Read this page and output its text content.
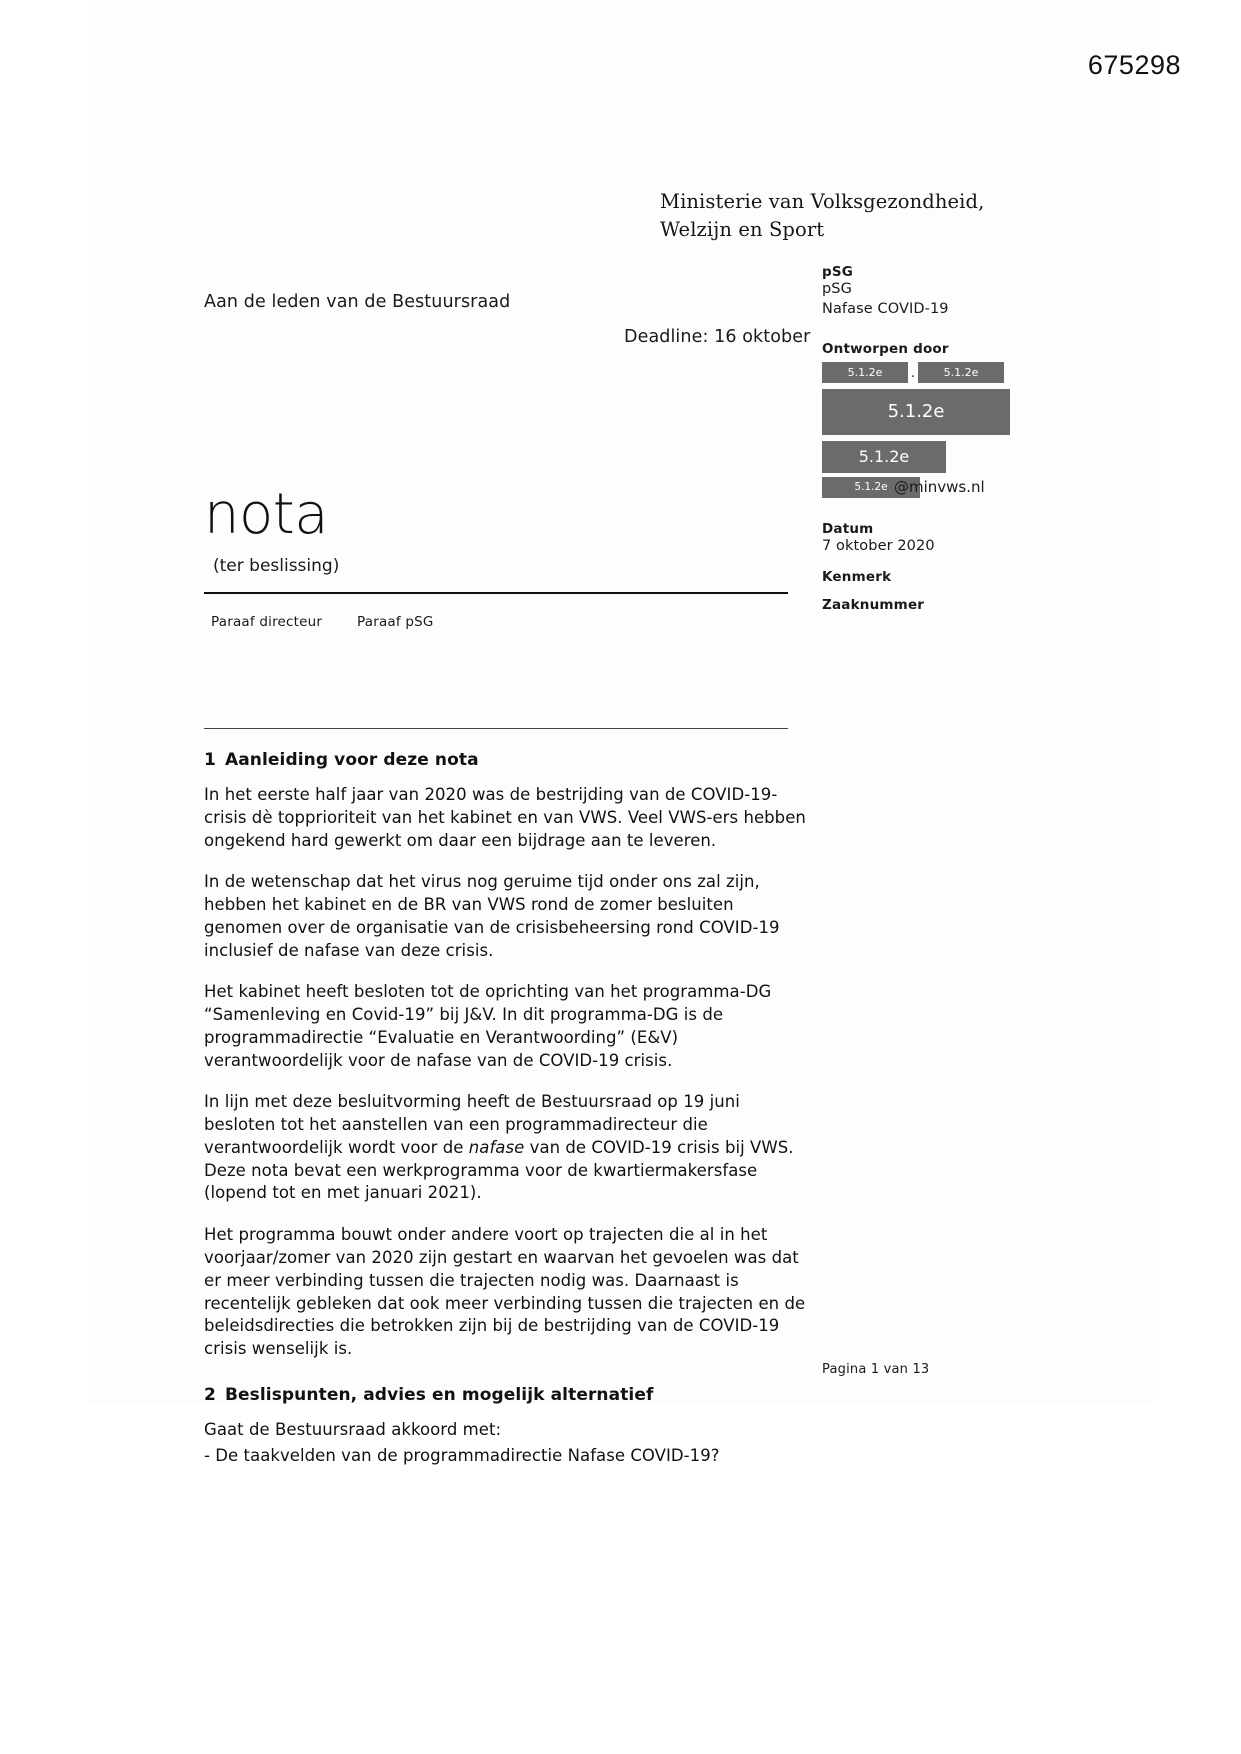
675298
Ministerie van Volksgezondheid,
Welzijn en Sport
Aan de leden van de Bestuursraad
Deadline: 16 oktober
pSG
pSG
Nafase COVID-19
Ontworpen door
5.1.2e .	5.1.2e
5.1.2e
5.1.2e
5.1.2e @minvws.nl
Datum
7 oktober 2020
Kenmerk
Zaaknummer
nota
(ter beslissing)
Paraaf directeur	Paraaf pSG
1 Aanleiding voor deze nota

In het eerste half jaar van 2020 was de bestrijding van de COVID-19-crisis dè topprioriteit van het kabinet en van VWS. Veel VWS-ers hebben ongekend hard gewerkt om daar een bijdrage aan te leveren.

In de wetenschap dat het virus nog geruime tijd onder ons zal zijn, hebben het kabinet en de BR van VWS rond de zomer besluiten genomen over de organisatie van de crisisbeheersing rond COVID-19 inclusief de nafase van deze crisis.

Het kabinet heeft besloten tot de oprichting van het programma-DG “Samenleving en Covid-19” bij J&V. In dit programma-DG is de programmadirectie “Evaluatie en Verantwoording” (E&V) verantwoordelijk voor de nafase van de COVID-19 crisis.

In lijn met deze besluitvorming heeft de Bestuursraad op 19 juni besloten tot het aanstellen van een programmadirecteur die verantwoordelijk wordt voor de nafase van de COVID-19 crisis bij VWS. Deze nota bevat een werkprogramma voor de kwartiermakersfase (lopend tot en met januari 2021).

Het programma bouwt onder andere voort op trajecten die al in het voorjaar/zomer van 2020 zijn gestart en waarvan het gevoelen was dat er meer verbinding tussen die trajecten nodig was. Daarnaast is recentelijk gebleken dat ook meer verbinding tussen die trajecten en de beleidsdirecties die betrokken zijn bij de bestrijding van de COVID-19 crisis wenselijk is.

2 Beslispunten, advies en mogelijk alternatief

Gaat de Bestuursraad akkoord met:

- De taakvelden van de programmadirectie Nafase COVID-19?

Pagina 1 van 13
